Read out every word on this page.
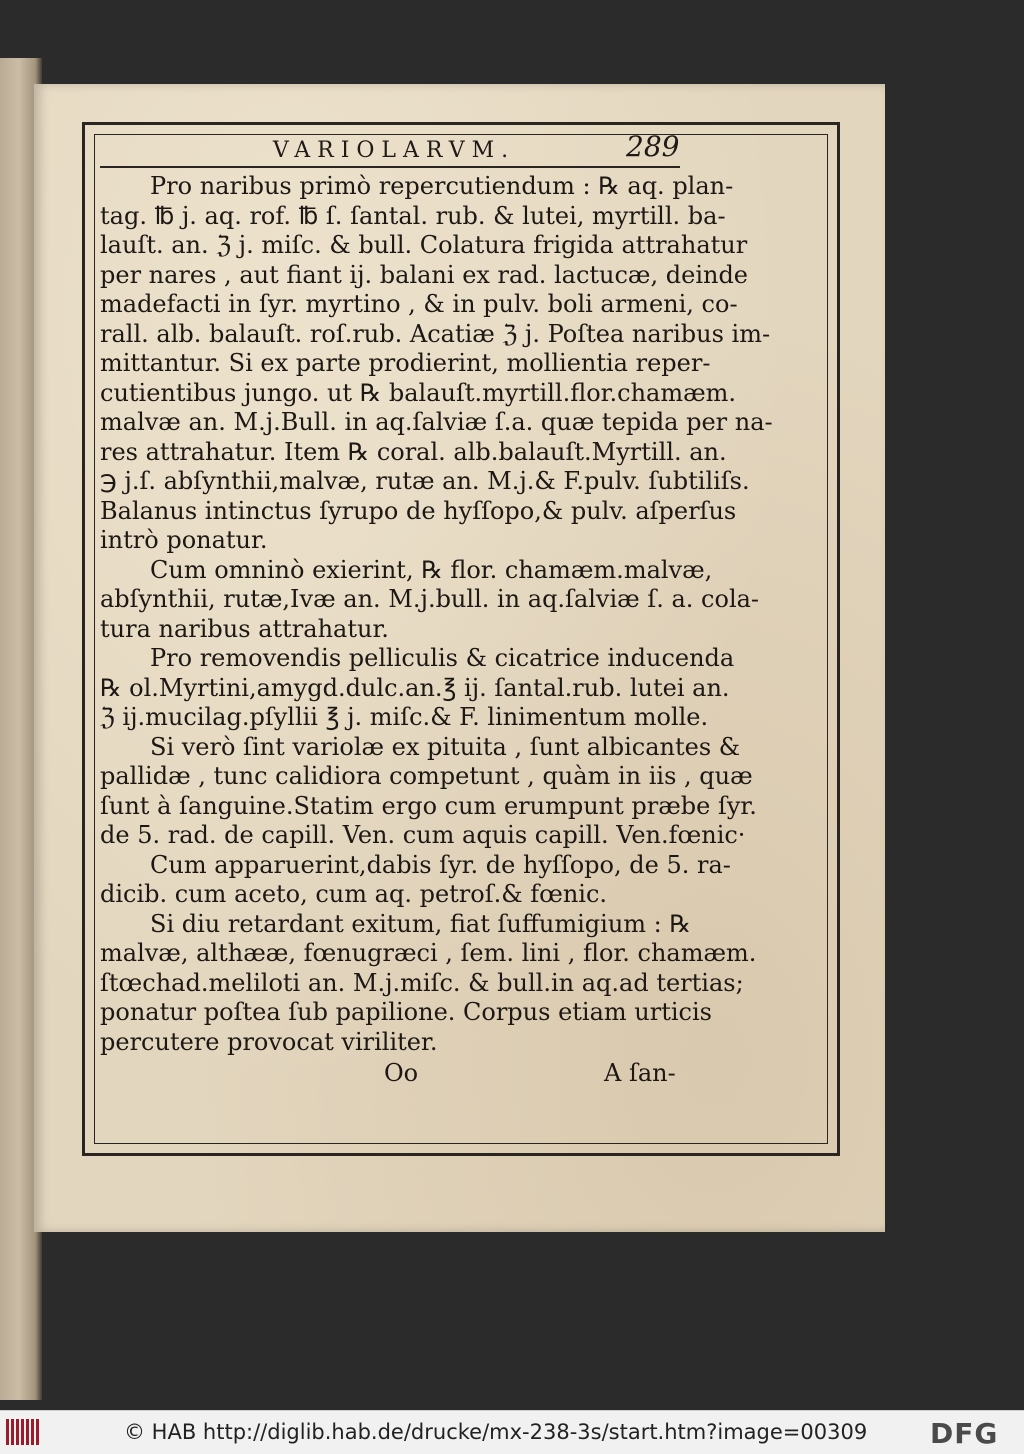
VARIOLARVM.	289
Pro naribus primò repercutiendum : ℞ aq. plan-
tag. ℔ j. aq. rof. ℔ ſ. ſantal. rub. & lutei, myrtill. ba-
lauſt. an. ℨ j. miſc. & bull. Colatura frigida attrahatur
per nares , aut fiant ij. balani ex rad. lactucæ, deinde
madefacti in ſyr. myrtino , & in pulv. boli armeni, co-
rall. alb. balauſt. roſ.rub. Acatiæ ℨ j. Poſtea naribus im-
mittantur. Si ex parte prodierint, mollientia reper-
cutientibus jungo. ut ℞ balauſt.myrtill.flor.chamæm.
malvæ an. M.j.Bull. in aq.ſalviæ ſ.a. quæ tepida per na-
res attrahatur. Item ℞ coral. alb.balauſt.Myrtill. an.
℈ j.ſ. abſynthii,malvæ, rutæ an. M.j.& F.pulv. ſubtiliſs.
Balanus intinctus ſyrupo de hyſſopo,& pulv. aſperſus
intrò ponatur.
Cum omninò exierint, ℞ flor. chamæm.malvæ,
abſynthii, rutæ,Ivæ an. M.j.bull. in aq.ſalviæ ſ. a. cola-
tura naribus attrahatur.
Pro removendis pelliculis & cicatrice inducenda
℞ ol.Myrtini,amygd.dulc.an.℥ ij. ſantal.rub. lutei an.
ℨ ij.mucilag.pſyllii ℥ j. miſc.& F. linimentum molle.
Si verò ſint variolæ ex pituita , ſunt albicantes &
pallidæ , tunc calidiora competunt , quàm in iis , quæ
ſunt à ſanguine.Statim ergo cum erumpunt præbe ſyr.
de 5. rad. de capill. Ven. cum aquis capill. Ven.fœnic·
Cum apparuerint,dabis ſyr. de hyſſopo, de 5. ra-
dicib. cum aceto, cum aq. petroſ.& fœnic.
Si diu retardant exitum, fiat ſuffumigium : ℞
malvæ, althææ, fœnugræci , ſem. lini , flor. chamæm.
ſtœchad.meliloti an. M.j.miſc. & bull.in aq.ad tertias;
ponatur poſtea ſub papilione. Corpus etiam urticis
percutere provocat viriliter.
Oo	A ſan-
© HAB http://diglib.hab.de/drucke/mx-238-3s/start.htm?image=00309 DFG
